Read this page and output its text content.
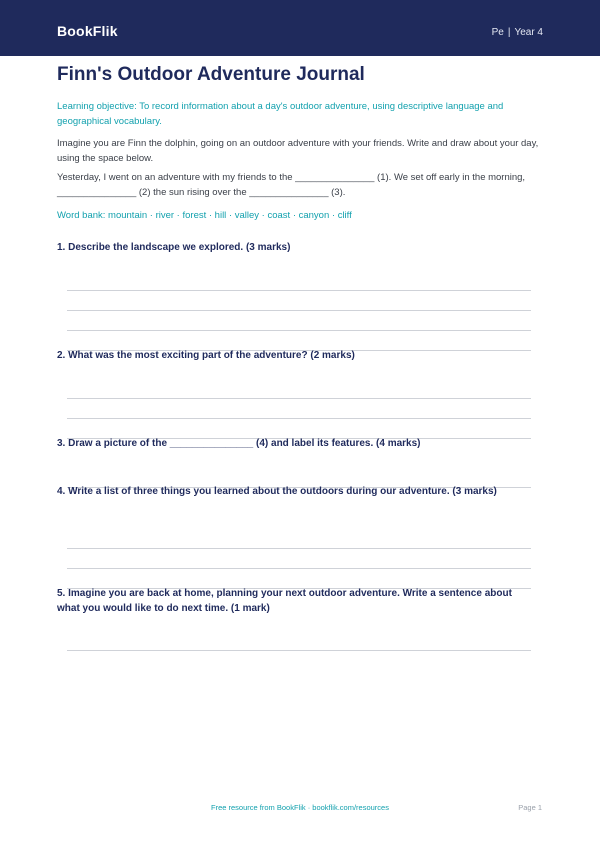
BookFlik	Pe | Year 4
Finn's Outdoor Adventure Journal

Learning objective: To record information about a day's outdoor adventure, using descriptive language and geographical vocabulary.

Imagine you are Finn the dolphin, going on an outdoor adventure with your friends. Write and draw about your day, using the space below.

Yesterday, I went on an adventure with my friends to the _______________ (1). We set off early in the morning, _______________ (2) the sun rising over the _______________ (3).

Word bank: mountain · river · forest · hill · valley · coast · canyon · cliff

1. Describe the landscape we explored. (3 marks)

2. What was the most exciting part of the adventure? (2 marks)

3. Draw a picture of the _______________ (4) and label its features. (4 marks)

4. Write a list of three things you learned about the outdoors during our adventure. (3 marks)

5. Imagine you are back at home, planning your next outdoor adventure. Write a sentence about what you would like to do next time. (1 mark)

Free resource from BookFlik · bookflik.com/resources	Page 1
